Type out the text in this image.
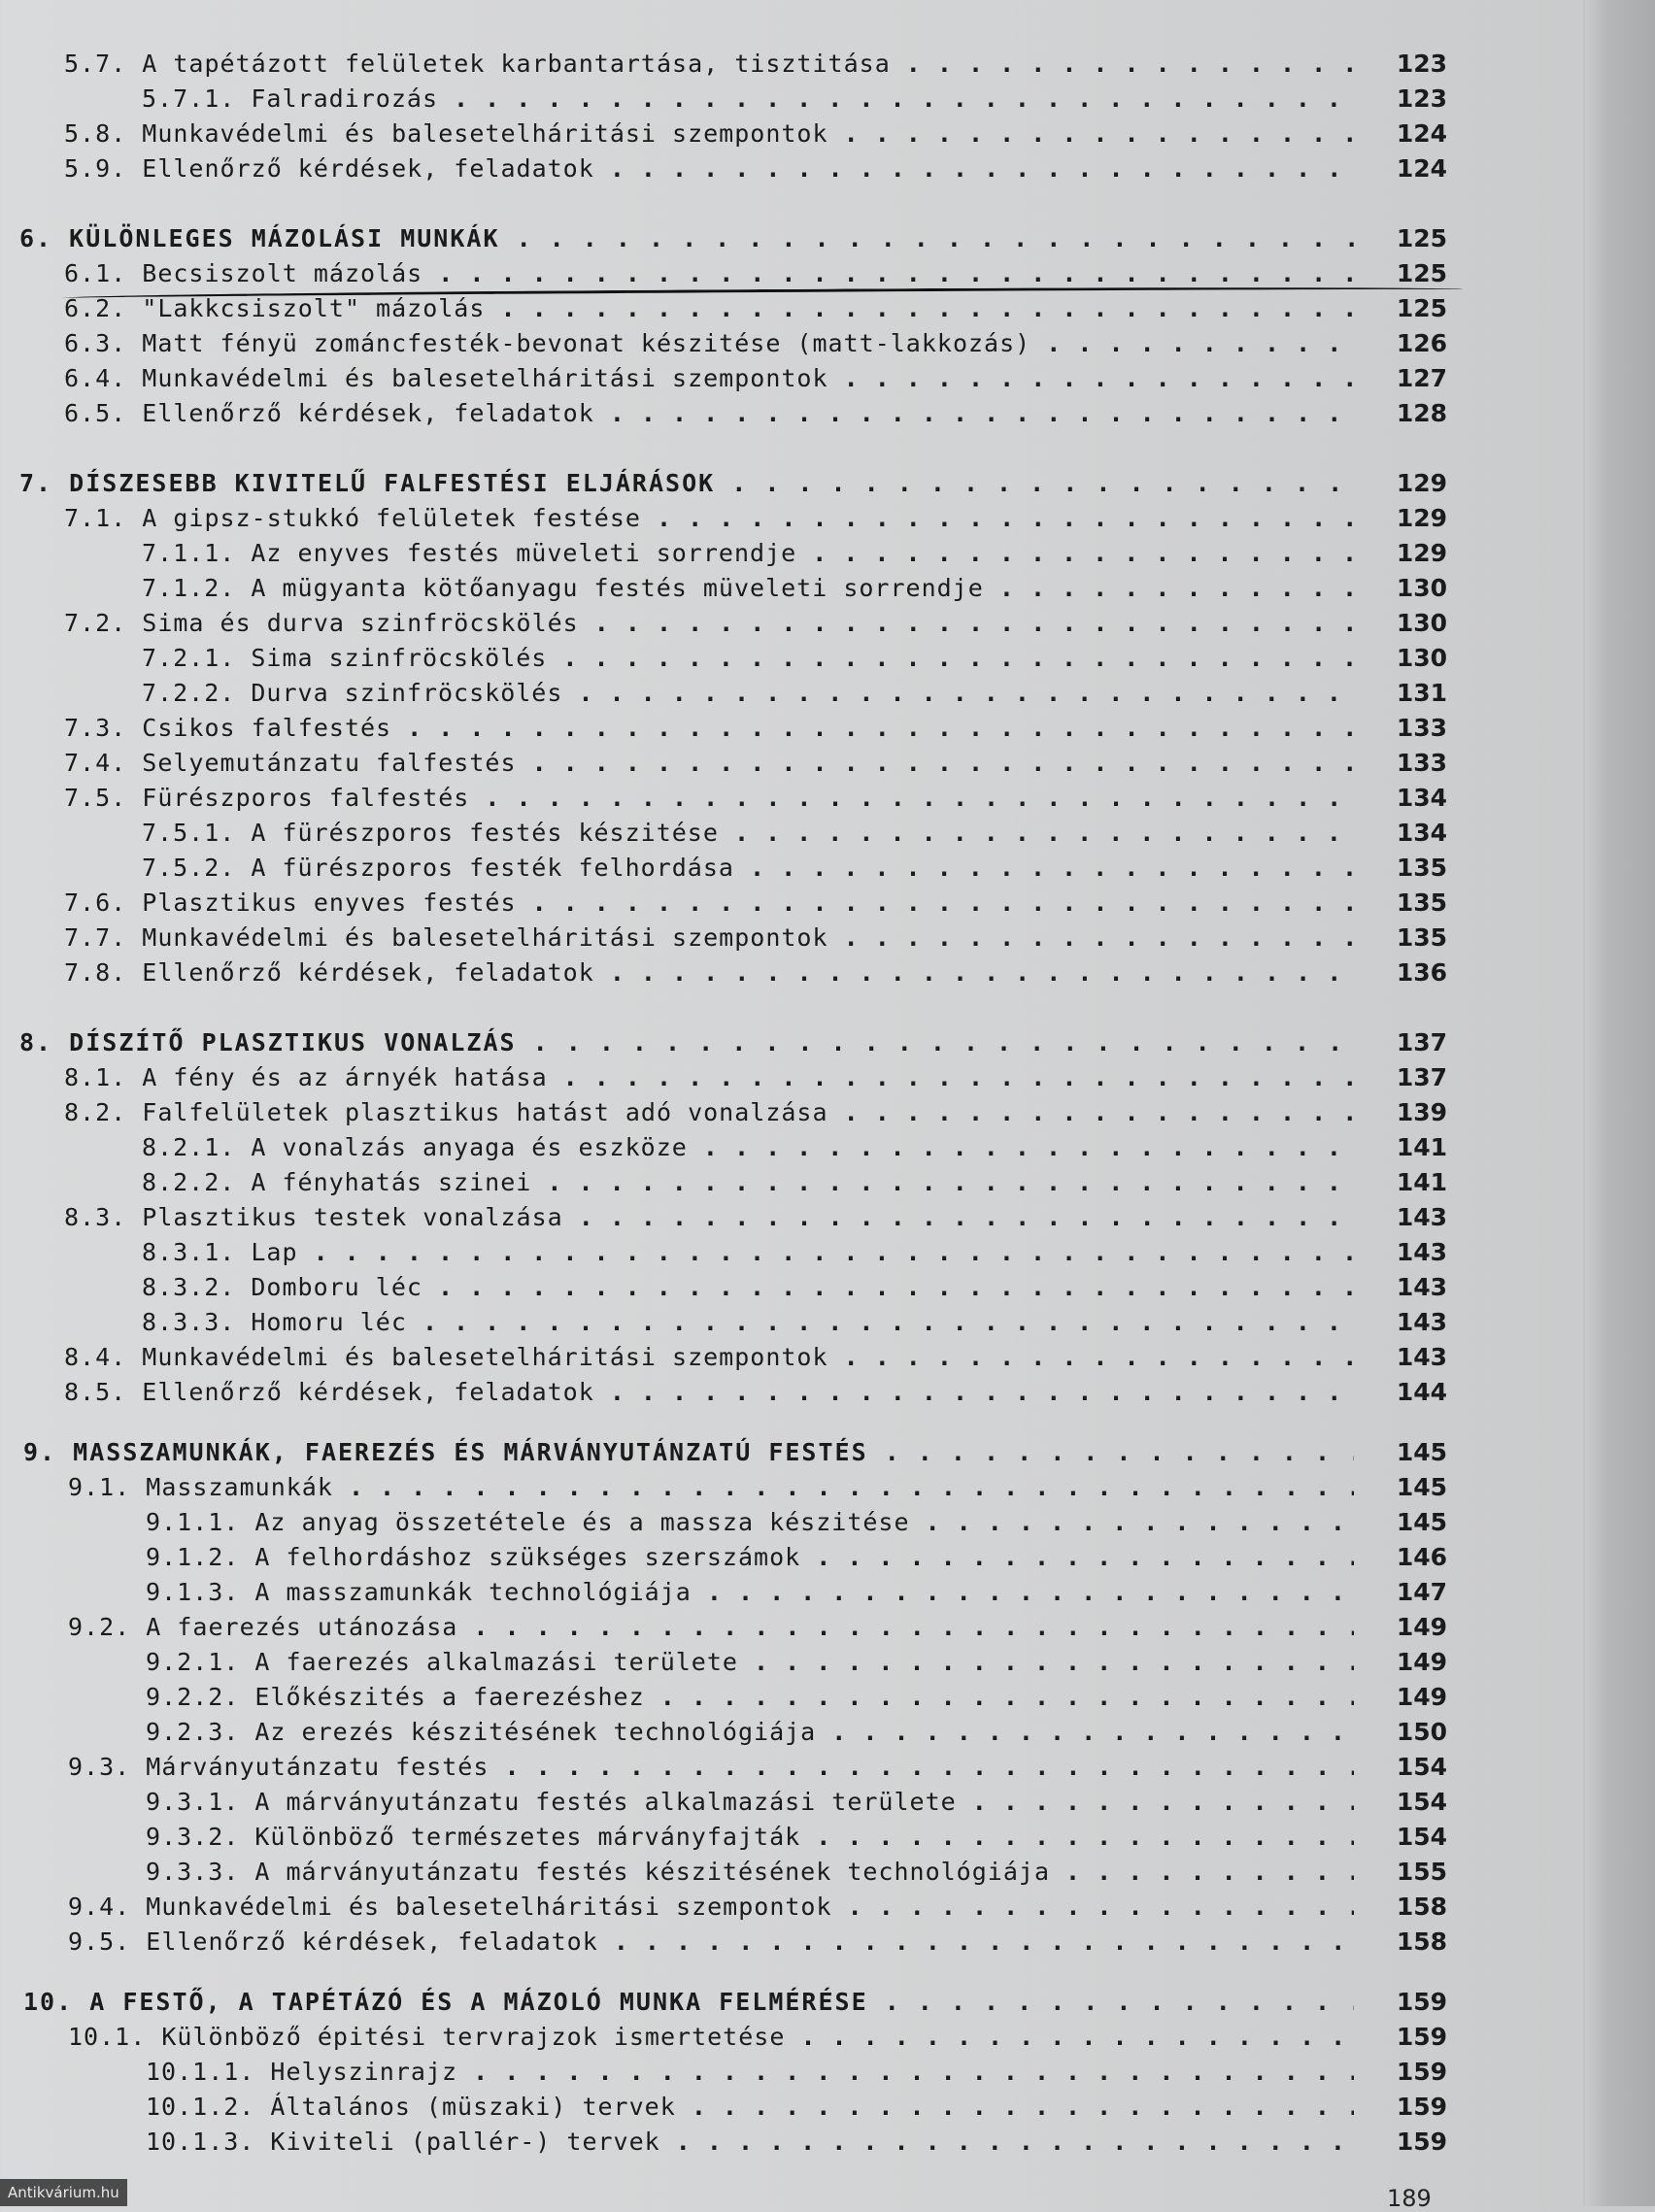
5.7. A tapétázott felületek karbantartása, tisztitása . . .	123
5.7.1. Falradirozás . . .	123
5.8. Munkavédelmi és balesetelháritási szempontok . . .	124
5.9. Ellenőrző kérdések, feladatok . . .	124
6. KÜLÖNLEGES MÁZOLÁSI MUNKÁK . . .	125
6.1. Becsiszolt mázolás . . .	125
6.2. "Lakkcsiszolt" mázolás . . .	125
6.3. Matt fényü zománcfesték-bevonat készitése (matt-lakkozás) . . .	126
6.4. Munkavédelmi és balesetelháritási szempontok . . .	127
6.5. Ellenőrző kérdések, feladatok . . .	128
7. DÍSZESEBB KIVITELŰ FALFESTÉSI ELJÁRÁSOK . . .	129
7.1. A gipsz-stukkó felületek festése . . .	129
7.1.1. Az enyves festés müveleti sorrendje . . .	129
7.1.2. A mügyanta kötőanyagu festés müveleti sorrendje . . .	130
7.2. Sima és durva szinfröcskölés . . .	130
7.2.1. Sima szinfröcskölés . . .	130
7.2.2. Durva szinfröcskölés . . .	131
7.3. Csikos falfestés . . .	133
7.4. Selyemutánzatu falfestés . . .	133
7.5. Fürészporos falfestés . . .	134
7.5.1. A fürészporos festés készitése . . .	134
7.5.2. A fürészporos festék felhordása . . .	135
7.6. Plasztikus enyves festés . . .	135
7.7. Munkavédelmi és balesetelháritási szempontok . . .	135
7.8. Ellenőrző kérdések, feladatok . . .	136
8. DÍSZÍTŐ PLASZTIKUS VONALZÁS . . .	137
8.1. A fény és az árnyék hatása . . .	137
8.2. Falfelületek plasztikus hatást adó vonalzása . . .	139
8.2.1. A vonalzás anyaga és eszköze . . .	141
8.2.2. A fényhatás szinei . . .	141
8.3. Plasztikus testek vonalzása . . .	143
8.3.1. Lap . . .	143
8.3.2. Domboru léc . . .	143
8.3.3. Homoru léc . . .	143
8.4. Munkavédelmi és balesetelháritási szempontok . . .	143
8.5. Ellenőrző kérdések, feladatok . . .	144
9. MASSZAMUNKÁK, FAEREZÉS ÉS MÁRVÁNYUTÁNZATÚ FESTÉS . . .	145
9.1. Masszamunkák . . .	145
9.1.1. Az anyag összetétele és a massza készitése . . .	145
9.1.2. A felhordáshoz szükséges szerszámok . . .	146
9.1.3. A masszamunkák technológiája . . .	147
9.2. A faerezés utánozása . . .	149
9.2.1. A faerezés alkalmazási területe . . .	149
9.2.2. Előkészités a faerezéshez . . .	149
9.2.3. Az erezés készitésének technológiája . . .	150
9.3. Márványutánzatu festés . . .	154
9.3.1. A márványutánzatu festés alkalmazási területe . . .	154
9.3.2. Különböző természetes márványfajták . . .	154
9.3.3. A márványutánzatu festés készitésének technológiája . . .	155
9.4. Munkavédelmi és balesetelháritási szempontok . . .	158
9.5. Ellenőrző kérdések, feladatok . . .	158
10. A FESTŐ, A TAPÉTÁZÓ ÉS A MÁZOLÓ MUNKA FELMÉRÉSE . . .	159
10.1. Különböző épitési tervrajzok ismertetése . . .	159
10.1.1. Helyszinrajz . . .	159
10.1.2. Általános (müszaki) tervek . . .	159
10.1.3. Kiviteli (pallér-) tervek . . .	159
189
Antikvárium.hu
